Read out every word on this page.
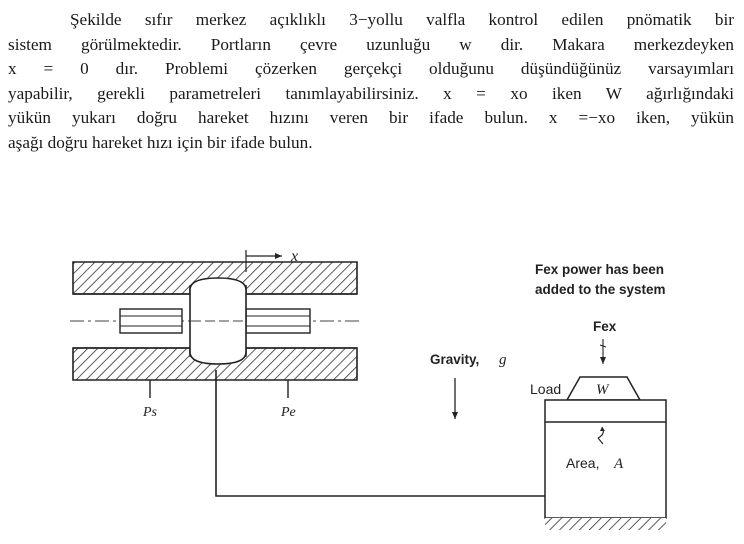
Şekilde sıfır merkez açıklıklı 3−yollu valfla kontrol edilen pnömatik bir
sistem görülmektedir. Portların çevre uzunluğu w dir. Makara merkezdeyken
x = 0 dır. Problemi çözerken gerçekçi olduğunu düşündüğünüz varsayımları
yapabilir, gerekli parametreleri tanımlayabilirsiniz. x = xo iken W ağırlığındaki
yükün yukarı doğru hareket hızını veren bir ifade bulun. x =−xo iken, yükün
aşağı doğru hareket hızı için bir ifade bulun.
x
Ps	Pe
Gravity, g
Fex power has been added to the system
Fex
Load W
Area, A
